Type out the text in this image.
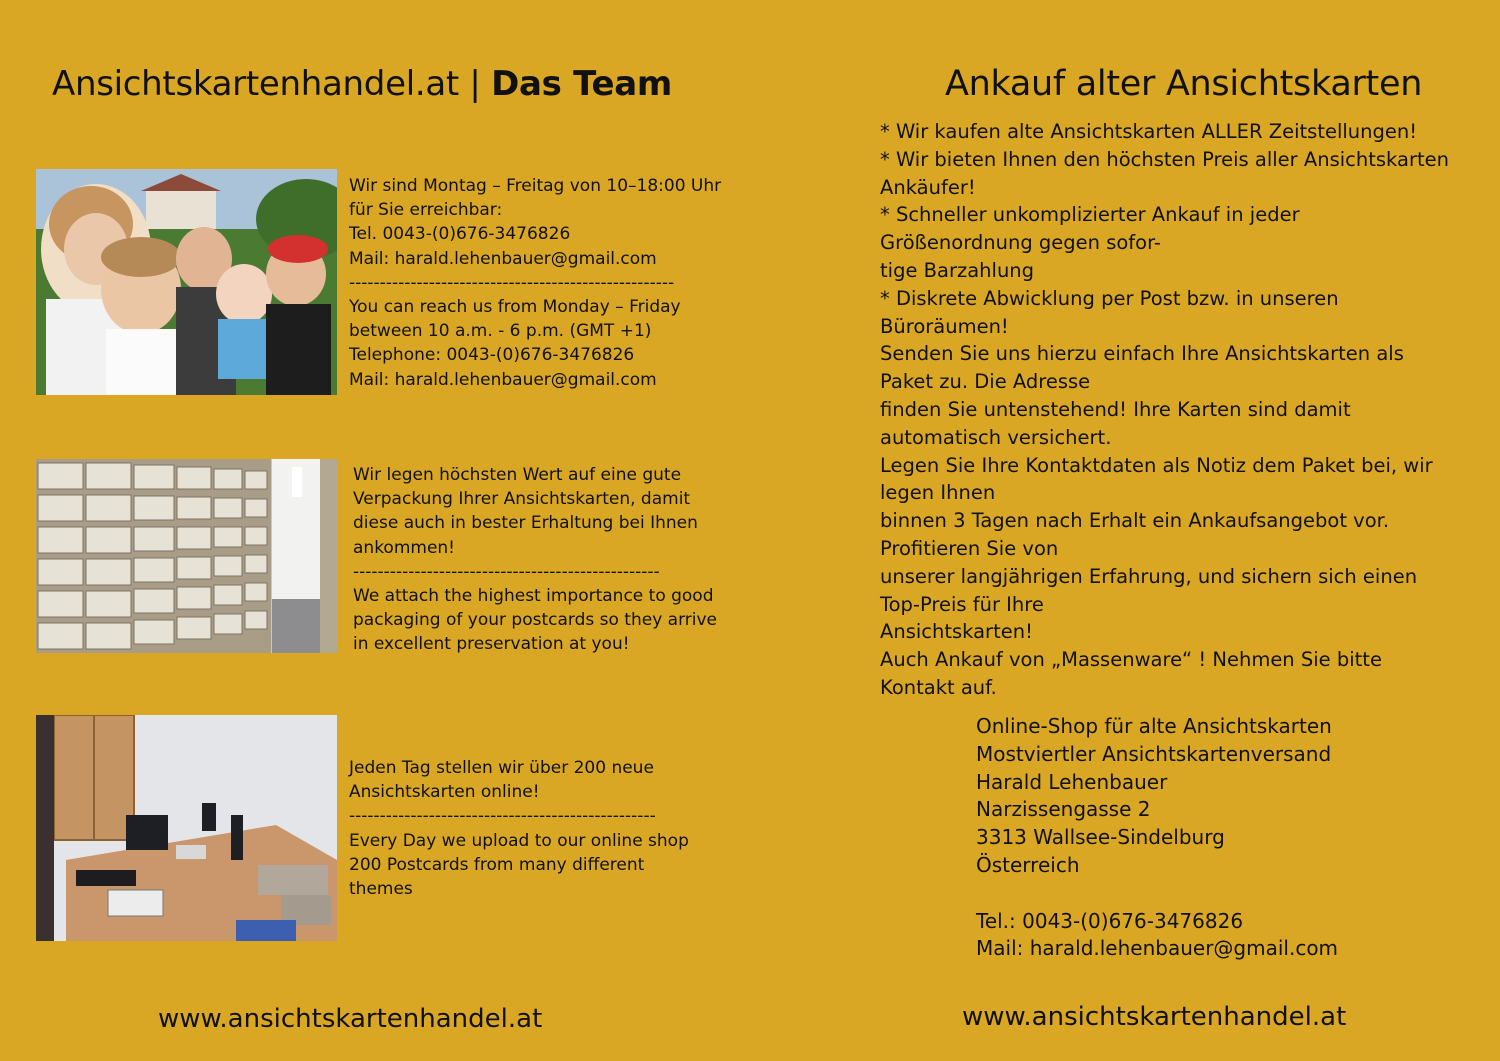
Ansichtskartenhandel.at | Das Team	Ankauf alter Ansichtskarten
Wir sind Montag – Freitag von 10–18:00 Uhr
für Sie erreichbar:
Tel. 0043-(0)676-3476826
Mail: harald.lehenbauer@gmail.com
-----------------------------------------------------
You can reach us from Monday – Friday
between 10 a.m. - 6 p.m. (GMT +1)
Telephone: 0043-(0)676-3476826
Mail: harald.lehenbauer@gmail.com
Wir legen höchsten Wert auf eine gute
Verpackung Ihrer Ansichtskarten, damit
diese auch in bester Erhaltung bei Ihnen
ankommen!
--------------------------------------------------
We attach the highest importance to good
packaging of your postcards so they arrive
in excellent preservation at you!
Jeden Tag stellen wir über 200 neue
Ansichtskarten online!
--------------------------------------------------
Every Day we upload to our online shop
200 Postcards from many different
themes
* Wir kaufen alte Ansichtskarten ALLER Zeitstellungen!
* Wir bieten Ihnen den höchsten Preis aller Ansichtskarten
Ankäufer!
* Schneller unkomplizierter Ankauf in jeder
Größenordnung gegen sofor-
tige Barzahlung
* Diskrete Abwicklung per Post bzw. in unseren
Büroräumen!
Senden Sie uns hierzu einfach Ihre Ansichtskarten als
Paket zu. Die Adresse
finden Sie untenstehend! Ihre Karten sind damit
automatisch versichert.
Legen Sie Ihre Kontaktdaten als Notiz dem Paket bei, wir
legen Ihnen
binnen 3 Tagen nach Erhalt ein Ankaufsangebot vor.
Profitieren Sie von
unserer langjährigen Erfahrung, und sichern sich einen
Top-Preis für Ihre
Ansichtskarten!
Auch Ankauf von „Massenware“ ! Nehmen Sie bitte
Kontakt auf.
Online-Shop für alte Ansichtskarten
Mostviertler Ansichtskartenversand
Harald Lehenbauer
Narzissengasse 2
3313 Wallsee-Sindelburg
Österreich

Tel.: 0043-(0)676-3476826
Mail: harald.lehenbauer@gmail.com
www.ansichtskartenhandel.at	www.ansichtskartenhandel.at
